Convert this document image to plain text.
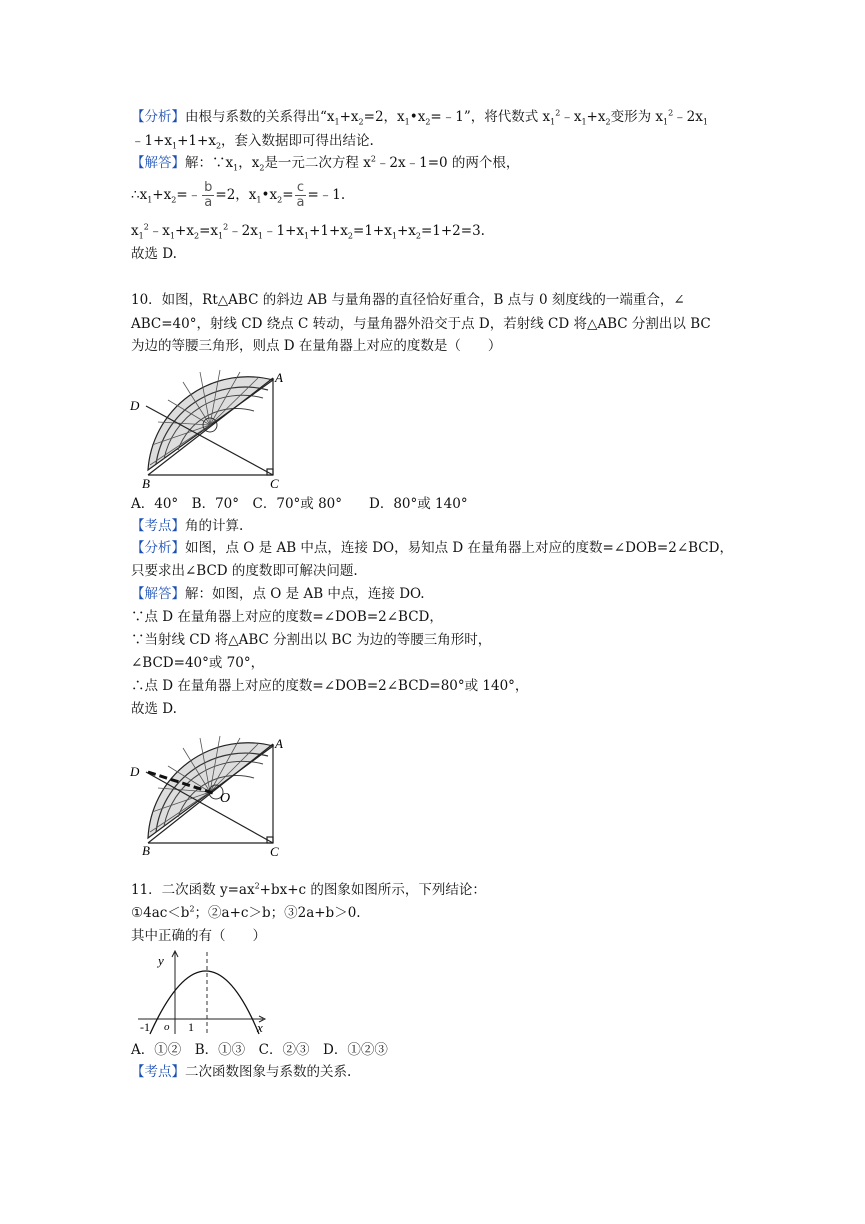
【分析】由根与系数的关系得出“$x_1+x_2=2$，$x_1•x_2=﹣1$”，将代数式 $x_1^2﹣x_1+x_2$变形为 $x_1^2﹣2x_1$
$﹣1+x_1+1+x_2$，套入数据即可得出结论.
【解答】解：$\because x_1$，$x_2$是一元二次方程 $x^2﹣2x﹣1=0$ 的两个根，
$\therefore x_1+x_2=﹣ \frac{b}{a} =2$，$x_1•x_2= \frac{c}{a}$ =﹣1.
$x_1^2﹣x_1+x_2=x_1^2﹣2x_1﹣1+x_1+1+x_2=1+x_1+x_2=1+2=3$.
故选 D.
10．如图，Rt△ABC 的斜边 AB 与量角器的直径恰好重合，B 点与 0 刻度线的一端重合，∠
ABC=40°，射线 CD 绕点 C 转动，与量角器外沿交于点 D，若射线 CD 将△ABC 分割出以 BC
为边的等腰三角形，则点 D 在量角器上对应的度数是（　　）
A
D
B	C
A．40°　B．70°　C．70°或 80°　　D．80°或 140°
【考点】角的计算.
【分析】如图，点 O 是 AB 中点，连接 DO，易知点 D 在量角器上对应的度数=∠DOB=2∠BCD，
只要求出∠BCD 的度数即可解决问题.
【解答】解：如图，点 O 是 AB 中点，连接 DO.
∵点 D 在量角器上对应的度数=∠DOB=2∠BCD，
∵当射线 CD 将△ABC 分割出以 BC 为边的等腰三角形时，
∠BCD=40°或 70°，
∴点 D 在量角器上对应的度数=∠DOB=2∠BCD=80°或 140°，
故选 D.
A
D
O
B	C
11．二次函数 $y=ax^2+bx+c$ 的图象如图所示，下列结论：
$①4ac<b^2$；②a+c＞b；③2a+b＞0.
其中正确的有（　　）
y
x
o
-1	1
A．①②　B．①③　C．②③　D．①②③
【考点】二次函数图象与系数的关系.
